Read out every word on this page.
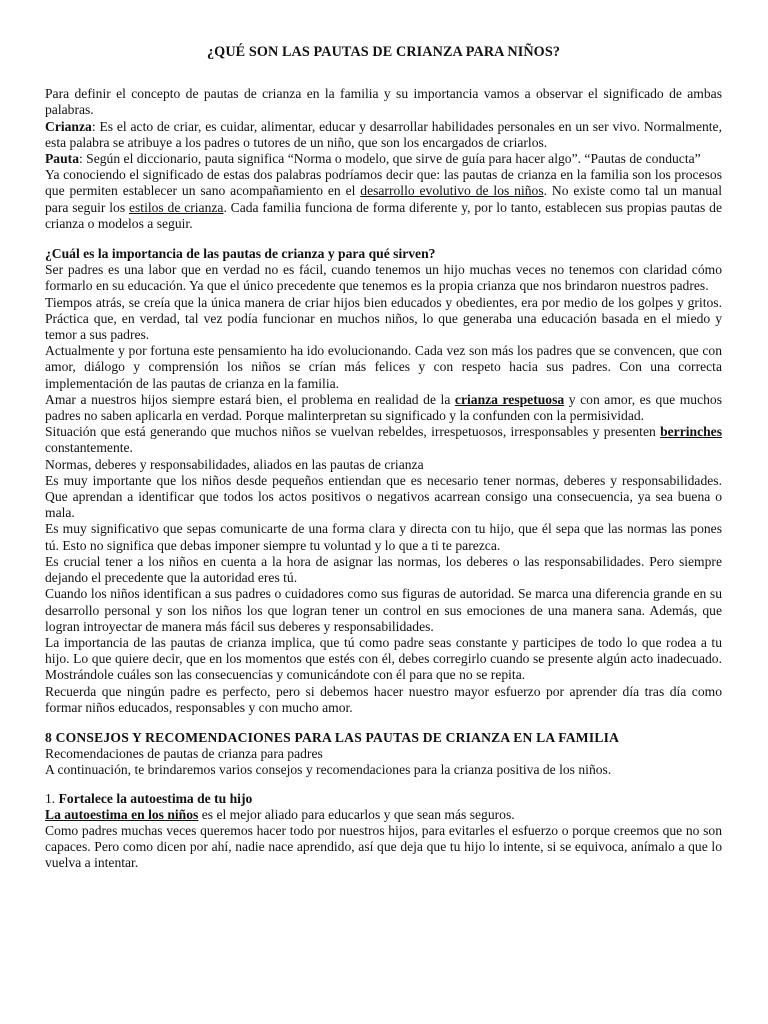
¿QUÉ SON LAS PAUTAS DE CRIANZA PARA NIÑOS?

Para definir el concepto de pautas de crianza en la familia y su importancia vamos a observar el significado de ambas palabras.

Crianza: Es el acto de criar, es cuidar, alimentar, educar y desarrollar habilidades personales en un ser vivo. Normalmente, esta palabra se atribuye a los padres o tutores de un niño, que son los encargados de criarlos.

Pauta: Según el diccionario, pauta significa “Norma o modelo, que sirve de guía para hacer algo”. “Pautas de conducta”

Ya conociendo el significado de estas dos palabras podríamos decir que: las pautas de crianza en la familia son los procesos que permiten establecer un sano acompañamiento en el desarrollo evolutivo de los niños. No existe como tal un manual para seguir los estilos de crianza. Cada familia funciona de forma diferente y, por lo tanto, establecen sus propias pautas de crianza o modelos a seguir.

¿Cuál es la importancia de las pautas de crianza y para qué sirven?

Ser padres es una labor que en verdad no es fácil, cuando tenemos un hijo muchas veces no tenemos con claridad cómo formarlo en su educación. Ya que el único precedente que tenemos es la propia crianza que nos brindaron nuestros padres.

Tiempos atrás, se creía que la única manera de criar hijos bien educados y obedientes, era por medio de los golpes y gritos. Práctica que, en verdad, tal vez podía funcionar en muchos niños, lo que generaba una educación basada en el miedo y temor a sus padres.

Actualmente y por fortuna este pensamiento ha ido evolucionando. Cada vez son más los padres que se convencen, que con amor, diálogo y comprensión los niños se crían más felices y con respeto hacia sus padres. Con una correcta implementación de las pautas de crianza en la familia.

Amar a nuestros hijos siempre estará bien, el problema en realidad de la crianza respetuosa y con amor, es que muchos padres no saben aplicarla en verdad. Porque malinterpretan su significado y la confunden con la permisividad.

Situación que está generando que muchos niños se vuelvan rebeldes, irrespetuosos, irresponsables y presenten berrinches constantemente.

Normas, deberes y responsabilidades, aliados en las pautas de crianza

Es muy importante que los niños desde pequeños entiendan que es necesario tener normas, deberes y responsabilidades. Que aprendan a identificar que todos los actos positivos o negativos acarrean consigo una consecuencia, ya sea buena o mala.

Es muy significativo que sepas comunicarte de una forma clara y directa con tu hijo, que él sepa que las normas las pones tú. Esto no significa que debas imponer siempre tu voluntad y lo que a ti te parezca.

Es crucial tener a los niños en cuenta a la hora de asignar las normas, los deberes o las responsabilidades. Pero siempre dejando el precedente que la autoridad eres tú.

Cuando los niños identifican a sus padres o cuidadores como sus figuras de autoridad. Se marca una diferencia grande en su desarrollo personal y son los niños los que logran tener un control en sus emociones de una manera sana. Además, que logran introyectar de manera más fácil sus deberes y responsabilidades.

La importancia de las pautas de crianza implica, que tú como padre seas constante y participes de todo lo que rodea a tu hijo. Lo que quiere decir, que en los momentos que estés con él, debes corregirlo cuando se presente algún acto inadecuado. Mostrándole cuáles son las consecuencias y comunicándote con él para que no se repita.

Recuerda que ningún padre es perfecto, pero si debemos hacer nuestro mayor esfuerzo por aprender día tras día como formar niños educados, responsables y con mucho amor.

8 CONSEJOS Y RECOMENDACIONES PARA LAS PAUTAS DE CRIANZA EN LA FAMILIA

Recomendaciones de pautas de crianza para padres

A continuación, te brindaremos varios consejos y recomendaciones para la crianza positiva de los niños.

1. Fortalece la autoestima de tu hijo

La autoestima en los niños es el mejor aliado para educarlos y que sean más seguros.

Como padres muchas veces queremos hacer todo por nuestros hijos, para evitarles el esfuerzo o porque creemos que no son capaces. Pero como dicen por ahí, nadie nace aprendido, así que deja que tu hijo lo intente, si se equivoca, anímalo a que lo vuelva a intentar.
